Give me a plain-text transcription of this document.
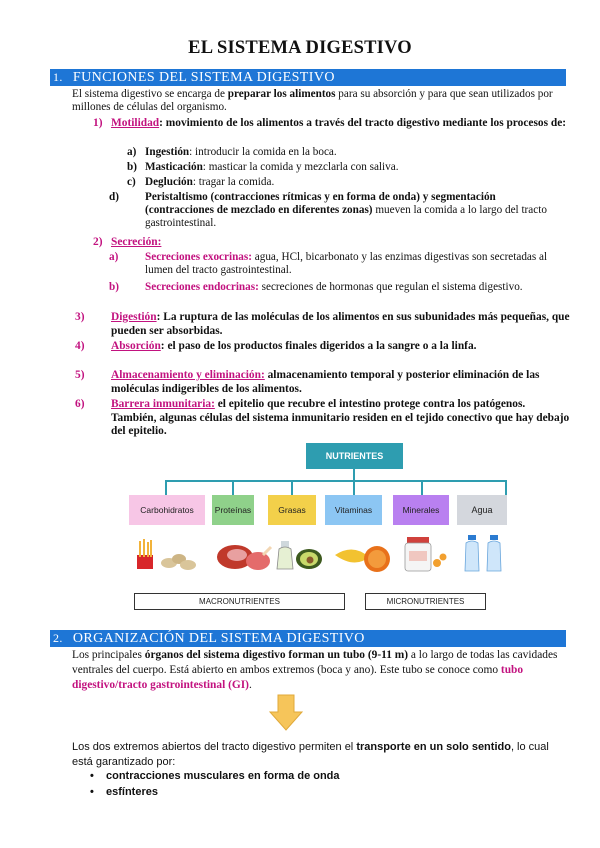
EL SISTEMA DIGESTIVO
1. FUNCIONES DEL SISTEMA DIGESTIVO
El sistema digestivo se encarga de preparar los alimentos para su absorción y para que sean utilizados por millones de células del organismo.
1) Motilidad: movimiento de los alimentos a través del tracto digestivo mediante los procesos de:
a) Ingestión: introducir la comida en la boca.
b) Masticación: masticar la comida y mezclarla con saliva.
c) Deglución: tragar la comida.
d) Peristaltismo (contracciones rítmicas y en forma de onda) y segmentación (contracciones de mezclado en diferentes zonas) mueven la comida a lo largo del tracto gastrointestinal.
2) Secreción:
a) Secreciones exocrinas: agua, HCl, bicarbonato y las enzimas digestivas son secretadas al lumen del tracto gastrointestinal.
b) Secreciones endocrinas: secreciones de hormonas que regulan el sistema digestivo.
3) Digestión: La ruptura de las moléculas de los alimentos en sus subunidades más pequeñas, que pueden ser absorbidas.
4) Absorción: el paso de los productos finales digeridos a la sangre o a la linfa.
5) Almacenamiento y eliminación: almacenamiento temporal y posterior eliminación de las moléculas indigeribles de los alimentos.
6) Barrera inmunitaria: el epitelio que recubre el intestino protege contra los patógenos. También, algunas células del sistema inmunitario residen en el tejido conectivo que hay debajo del epitelio.
NUTRIENTES
Carbohidratos	Proteínas	Grasas	Vitaminas	Minerales	Agua
MACRONUTRIENTES	MICRONUTRIENTES
2. ORGANIZACIÓN DEL SISTEMA DIGESTIVO
Los principales órganos del sistema digestivo forman un tubo (9-11 m) a lo largo de todas las cavidades ventrales del cuerpo. Está abierto en ambos extremos (boca y ano). Este tubo se conoce como tubo digestivo/tracto gastrointestinal (GI).
Los dos extremos abiertos del tracto digestivo permiten el transporte en un solo sentido, lo cual está garantizado por:
• contracciones musculares en forma de onda
• esfínteres
